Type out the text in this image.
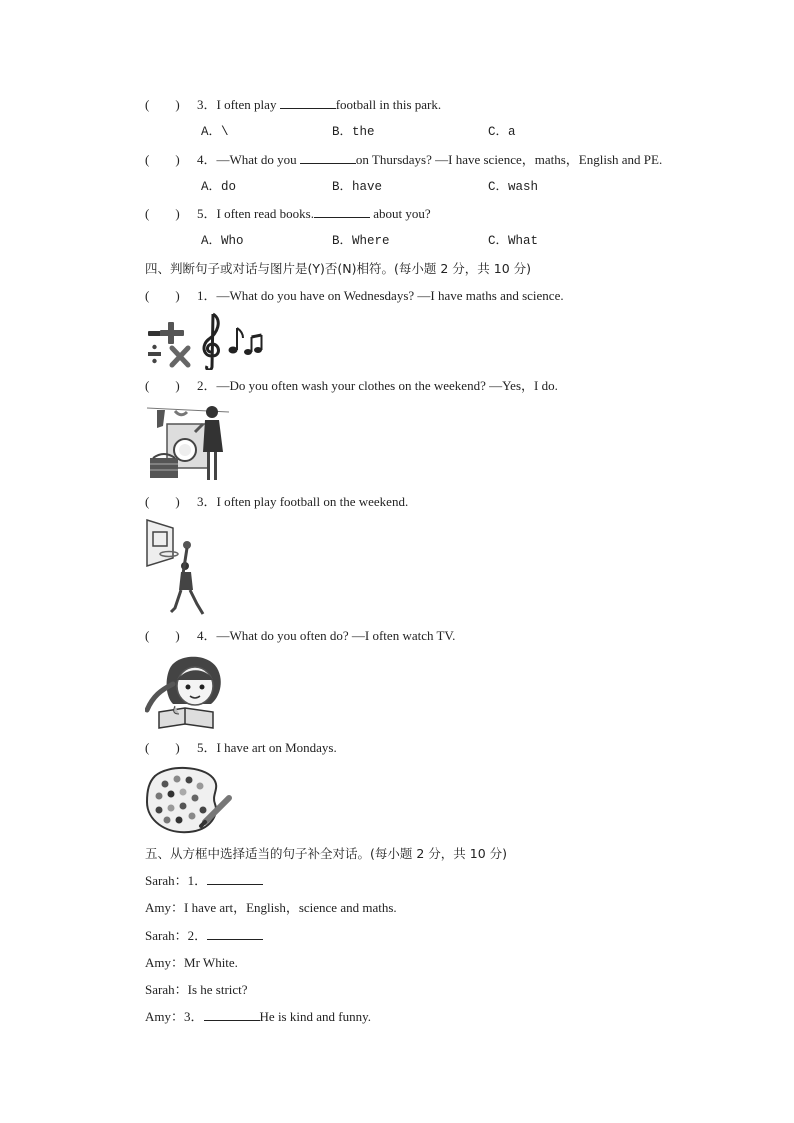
(　　) 3．I often play	football in this park.
A．\	B．the	C．a
(　　) 4．—What do you	on Thursdays? —I have science，maths，English and PE.
A．do	B．have	C．wash
(　　) 5．I often read books.	about you?
A．Who	B．Where	C．What
四、判断句子或对话与图片是(Y)否(N)相符。(每小题 2 分，共 10 分)
(　　) 1．—What do you have on Wednesdays? —I have maths and science.
(　　) 2．—Do you often wash your clothes on the weekend? —Yes，I do.
(　　) 3．I often play football on the weekend.
(　　) 4．—What do you often do? —I often watch TV.
(　　) 5．I have art on Mondays.
五、从方框中选择适当的句子补全对话。(每小题 2 分，共 10 分)
Sarah：1．
Amy：I have art，English，science and maths.
Sarah：2．
Amy：Mr White.
Sarah：Is he strict?
Amy：3．	He is kind and funny.
